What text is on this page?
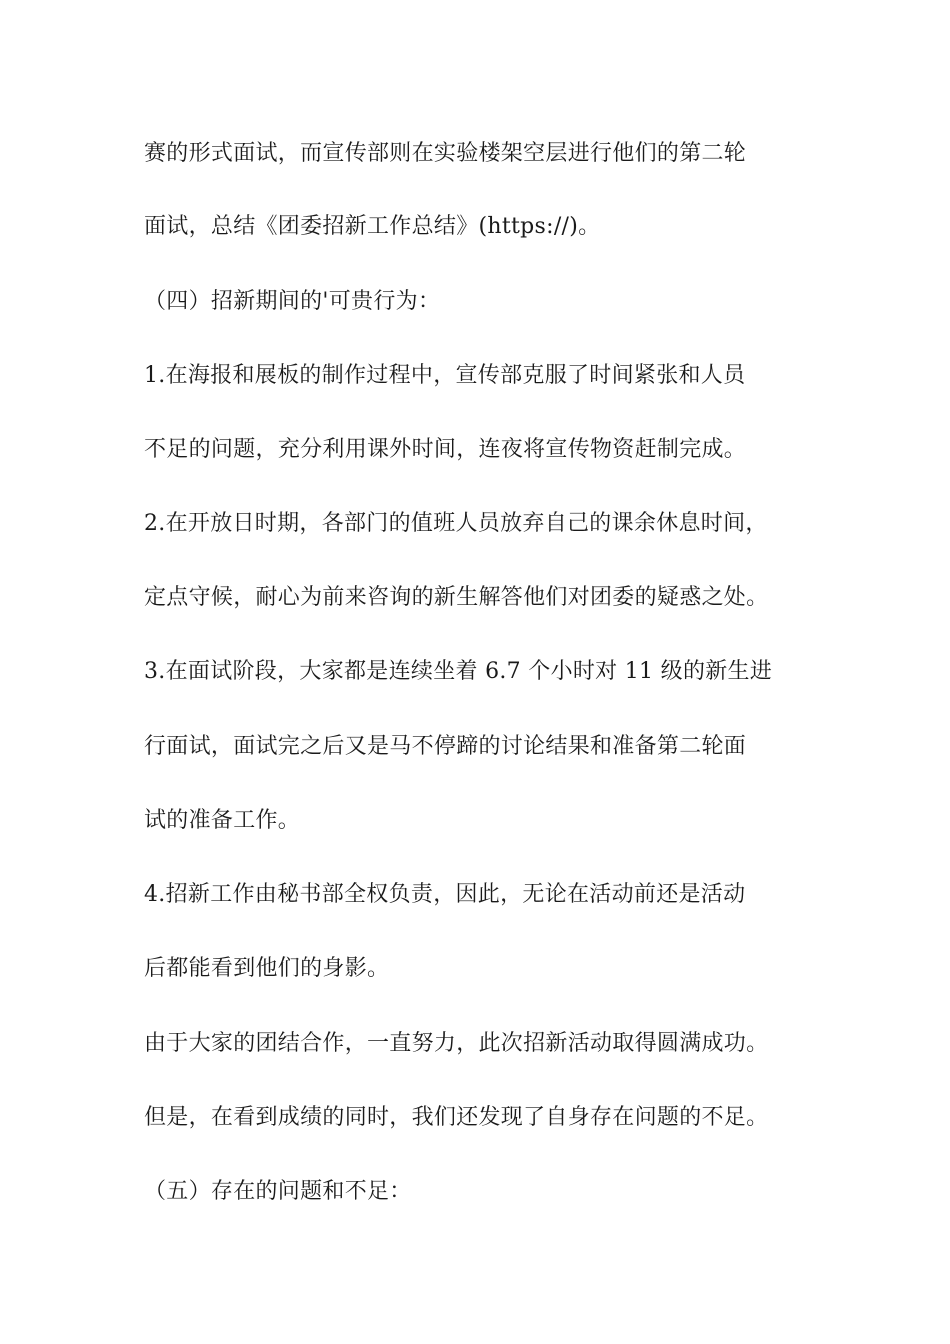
赛的形式面试，而宣传部则在实验楼架空层进行他们的第二轮
面试，总结《团委招新工作总结》(https://)。
（四）招新期间的'可贵行为：
1.在海报和展板的制作过程中，宣传部克服了时间紧张和人员
不足的问题，充分利用课外时间，连夜将宣传物资赶制完成。
2.在开放日时期，各部门的值班人员放弃自己的课余休息时间，
定点守候，耐心为前来咨询的新生解答他们对团委的疑惑之处。
3.在面试阶段，大家都是连续坐着 6.7 个小时对 11 级的新生进
行面试，面试完之后又是马不停蹄的讨论结果和准备第二轮面
试的准备工作。
4.招新工作由秘书部全权负责，因此，无论在活动前还是活动
后都能看到他们的身影。
由于大家的团结合作，一直努力，此次招新活动取得圆满成功。
但是，在看到成绩的同时，我们还发现了自身存在问题的不足。
（五）存在的问题和不足：
